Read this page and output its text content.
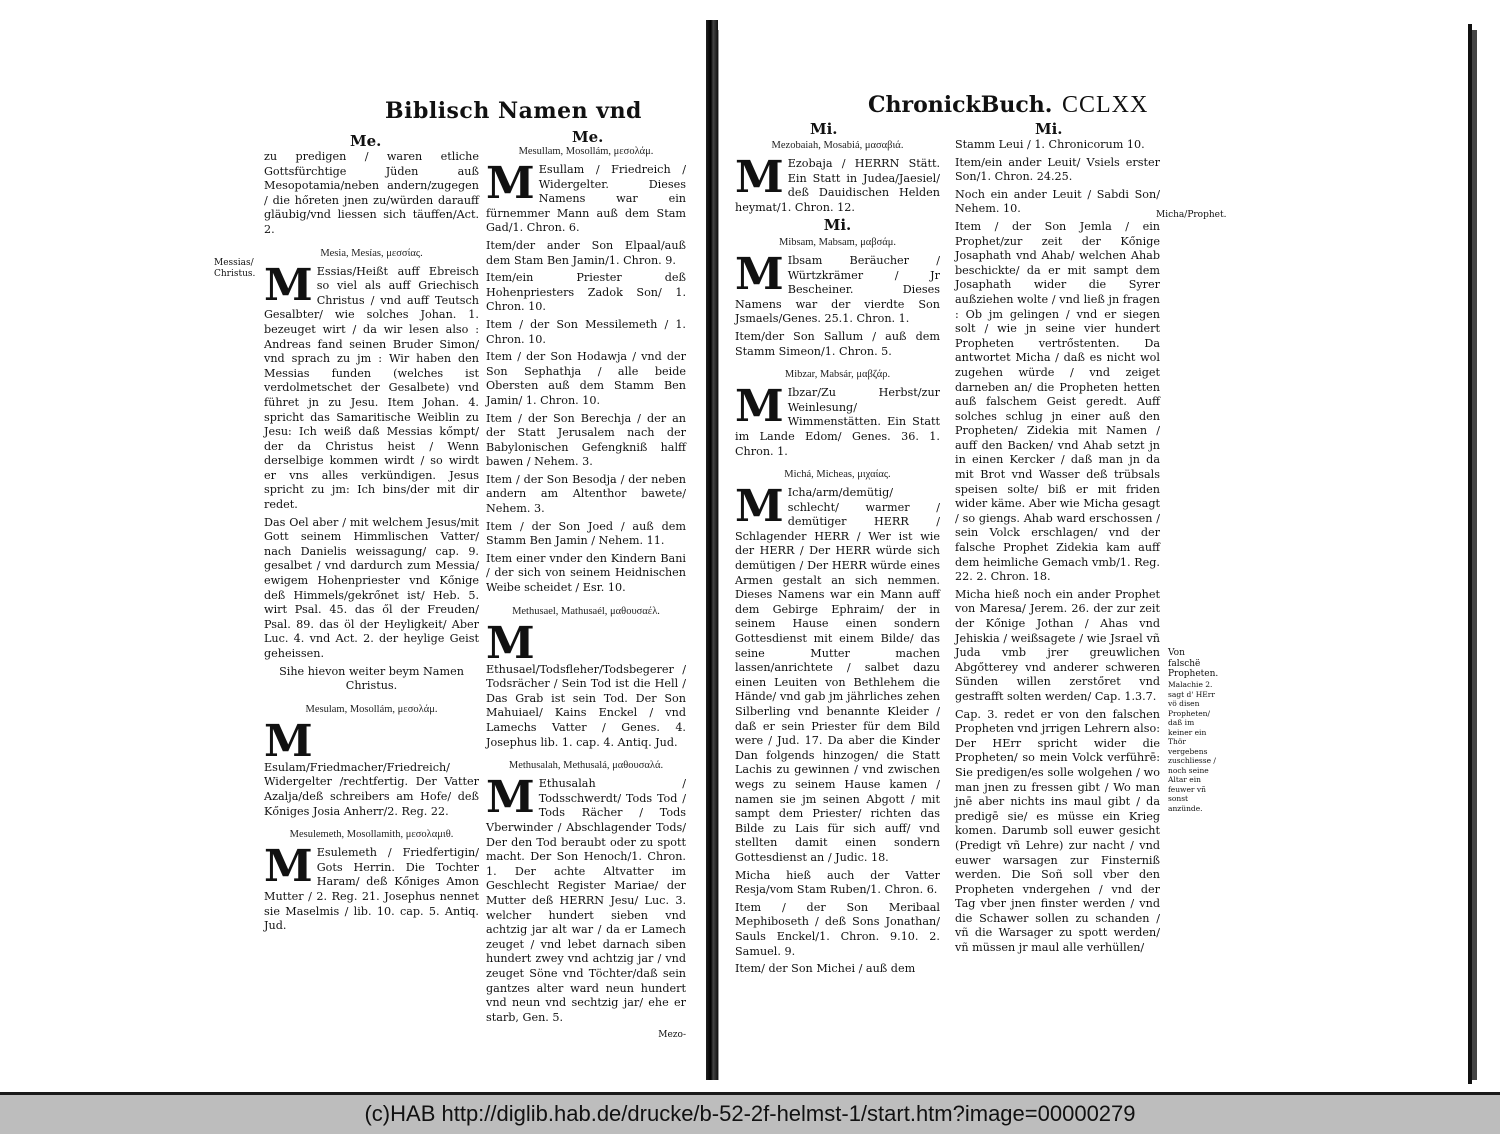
Biblisch Namen vnd	ChronickBuch. CCLXX
Me.	Me.	Mi.	Mi.

zu predigen / waren etliche Gottsfürchtige Jüden auß Mesopotamia/neben andern/zugegen / die hőreten jnen zu/würden darauff gläubig/vnd liessen sich täuffen/Act. 2.

Mesia, Mesías, μεσσίας.

M Essias/Heißt auff Ebreisch so viel als auff Griechisch Christus / vnd auff Teutsch Gesalbter/ wie solches Johan. 1. bezeuget wirt / da wir lesen also : Andreas fand seinen Bruder Simon/ vnd sprach zu jm : Wir haben den Messias funden (welches ist verdolmetschet der Gesalbete) vnd führet jn zu Jesu. Item Johan. 4. spricht das Samaritische Weiblin zu Jesu: Ich weiß daß Messias kőmpt/ der da Christus heist / Wenn derselbige kommen wirdt / so wirdt er vns alles verkündigen. Jesus spricht zu jm: Ich bins/der mit dir redet.

Das Oel aber / mit welchem Jesus/mit Gott seinem Himmlischen Vatter/ nach Danielis weissagung/ cap. 9. gesalbet / vnd dardurch zum Messia/ ewigem Hohenpriester vnd Kőnige deß Himmels/gekrőnet ist/ Heb. 5. wirt Psal. 45. das ől der Freuden/ Psal. 89. das öl der Heyligkeit/ Aber Luc. 4. vnd Act. 2. der heylige Geist geheissen.

Sihe hievon weiter beym Namen Christus.

Mesulam, Mosollám, μεσολάμ.

M
Esulam/Friedmacher/Friedreich/ Widergelter /rechtfertig. Der Vatter Azalja/deß schreibers am Hofe/ deß Kőniges Josia Anherr/2. Reg. 22.

Mesulemeth, Mosollamith, μεσολαμιθ.

M Esulemeth / Friedfertigin/ Gots Herrin. Die Tochter Haram/ deß Kőniges Amon Mutter / 2. Reg. 21. Josephus nennet sie Maselmis / lib. 10. cap. 5. Antiq. Jud.

Mesullam, Mosollám, μεσολάμ.

M Esullam / Friedreich / Widergelter. Dieses Namens war ein fürnemmer Mann auß dem Stam Gad/1. Chron. 6.

Item/der ander Son Elpaal/auß dem Stam Ben Jamin/1. Chron. 9.

Item/ein Priester deß Hohenpriesters Zadok Son/ 1. Chron. 10.

Item / der Son Messilemeth / 1. Chron. 10.

Item / der Son Hodawja / vnd der Son Sephathja / alle beide Obersten auß dem Stamm Ben Jamin/ 1. Chron. 10.

Item / der Son Berechja / der an der Statt Jerusalem nach der Babylonischen Gefengkniß halff bawen / Nehem. 3.

Item / der Son Besodja / der neben andern am Altenthor bawete/ Nehem. 3.

Item / der Son Joed / auß dem Stamm Ben Jamin / Nehem. 11.

Item einer vnder den Kindern Bani / der sich von seinem Heidnischen Weibe scheidet / Esr. 10.

Methusael, Mathusaél, μαθουσαέλ.

M
Ethusael/Todsfleher/Todsbegerer / Todsrächer / Sein Tod ist die Hell / Das Grab ist sein Tod. Der Son Mahuiael/ Kains Enckel / vnd Lamechs Vatter / Genes. 4. Josephus lib. 1. cap. 4. Antiq. Jud.

Methusalah, Methusalá, μαθουσαλά.

M Ethusalah / Todsschwerdt/ Tods Tod / Tods Rächer / Tods Vberwinder / Abschlagender Tods/ Der den Tod beraubt oder zu spott macht. Der Son Henoch/1. Chron. 1. Der achte Altvatter im Geschlecht Register Mariae/ der Mutter deß HERRN Jesu/ Luc. 3. welcher hundert sieben vnd achtzig jar alt war / da er Lamech zeuget / vnd lebet darnach siben hundert zwey vnd achtzig jar / vnd zeuget Söne vnd Töchter/daß sein gantzes alter ward neun hundert vnd neun vnd sechtzig jar/ ehe er starb, Gen. 5.

Mezo-
Mezobaiah, Mosabiá, μασαβιά.

M Ezobaja / HERRN Stätt. Ein Statt in Judea/Jaesiel/ deß Dauidischen Helden heymat/1. Chron. 12.

Mi.
Mibsam, Mabsam, μαβσάμ.

M Ibsam Beräucher / Würtzkrämer / Jr Bescheiner. Dieses Namens war der vierdte Son Jsmaels/Genes. 25.1. Chron. 1.

Item/der Son Sallum / auß dem Stamm Simeon/1. Chron. 5.

Mibzar, Mabsár, μαβζάρ.

M Ibzar/Zu Herbst/zur Weinlesung/ Wimmenstätten. Ein Statt im Lande Edom/ Genes. 36. 1. Chron. 1.

Michá, Micheas, μιχαίας.

M Icha/arm/demütig/ schlecht/ warmer / demütiger HERR / Schlagender HERR / Wer ist wie der HERR / Der HERR würde sich demütigen / Der HERR würde eines Armen gestalt an sich nemmen. Dieses Namens war ein Mann auff dem Gebirge Ephraim/ der in seinem Hause einen sondern Gottesdienst mit einem Bilde/ das seine Mutter machen lassen/anrichtete / salbet dazu einen Leuiten von Bethlehem die Hände/ vnd gab jm jährliches zehen Silberling vnd benannte Kleider / daß er sein Priester für dem Bild were / Jud. 17. Da aber die Kinder Dan folgends hinzogen/ die Statt Lachis zu gewinnen / vnd zwischen wegs zu seinem Hause kamen / namen sie jm seinen Abgott / mit sampt dem Priester/ richten das Bilde zu Lais für sich auff/ vnd stellten damit einen sondern Gottesdienst an / Judic. 18.

Micha hieß auch der Vatter Resja/vom Stam Ruben/1. Chron. 6.

Item / der Son Meribaal Mephiboseth / deß Sons Jonathan/ Sauls Enckel/1. Chron. 9.10. 2. Samuel. 9.

Item/ der Son Michei / auß dem

Stamm Leui / 1. Chronicorum 10.

Item/ein ander Leuit/ Vsiels erster Son/1. Chron. 24.25.

Noch ein ander Leuit / Sabdi Son/ Nehem. 10.

Item / der Son Jemla / ein Prophet/zur zeit der Kőnige Josaphath vnd Ahab/ welchen Ahab beschickte/ da er mit sampt dem Josaphath wider die Syrer außziehen wolte / vnd ließ jn fragen : Ob jm gelingen / vnd er siegen solt / wie jn seine vier hundert Propheten vertrőstenten. Da antwortet Micha / daß es nicht wol zugehen würde / vnd zeiget darneben an/ die Propheten hetten auß falschem Geist geredt. Auff solches schlug jn einer auß den Propheten/ Zidekia mit Namen / auff den Backen/ vnd Ahab setzt jn in einen Kercker / daß man jn da mit Brot vnd Wasser deß trübsals speisen solte/ biß er mit friden wider käme. Aber wie Micha gesagt / so giengs. Ahab ward erschossen / sein Volck erschlagen/ vnd der falsche Prophet Zidekia kam auff dem heimliche Gemach vmb/1. Reg. 22. 2. Chron. 18.

Micha hieß noch ein ander Prophet von Maresa/ Jerem. 26. der zur zeit der Kőnige Jothan / Ahas vnd Jehiskia / weißsagete / wie Jsrael vñ Juda vmb jrer greuwlichen Abgőtterey vnd anderer schweren Sünden willen zerstőret vnd gestrafft solten werden/ Cap. 1.3.7.

Cap. 3. redet er von den falschen Propheten vnd jrrigen Lehrern also: Der HErr spricht wider die Propheten/ so mein Volck verführē: Sie predigen/es solle wolgehen / wo man jnen zu fressen gibt / Wo man jnē aber nichts ins maul gibt / da predigē sie/ es müsse ein Krieg komen. Darumb soll euwer gesicht (Predigt vñ Lehre) zur nacht / vnd euwer warsagen zur Finsterniß werden. Die Soñ soll vber den Propheten vndergehen / vnd der Tag vber jnen finster werden / vnd die Schawer sollen zu schanden / vñ die Warsager zu spott werden/ vñ müssen jr maul alle verhüllen/

Messias/ Christus.
Micha/Prophet.
Von falschë Propheten.
Malachie 2. sagt d' HErr vö disen Propheten/ daß im keiner ein Thör vergebens zuschliesse / noch seine Altar ein feuwer vñ sonst anzünde.
(c)HAB http://diglib.hab.de/drucke/b-52-2f-helmst-1/start.htm?image=00000279
